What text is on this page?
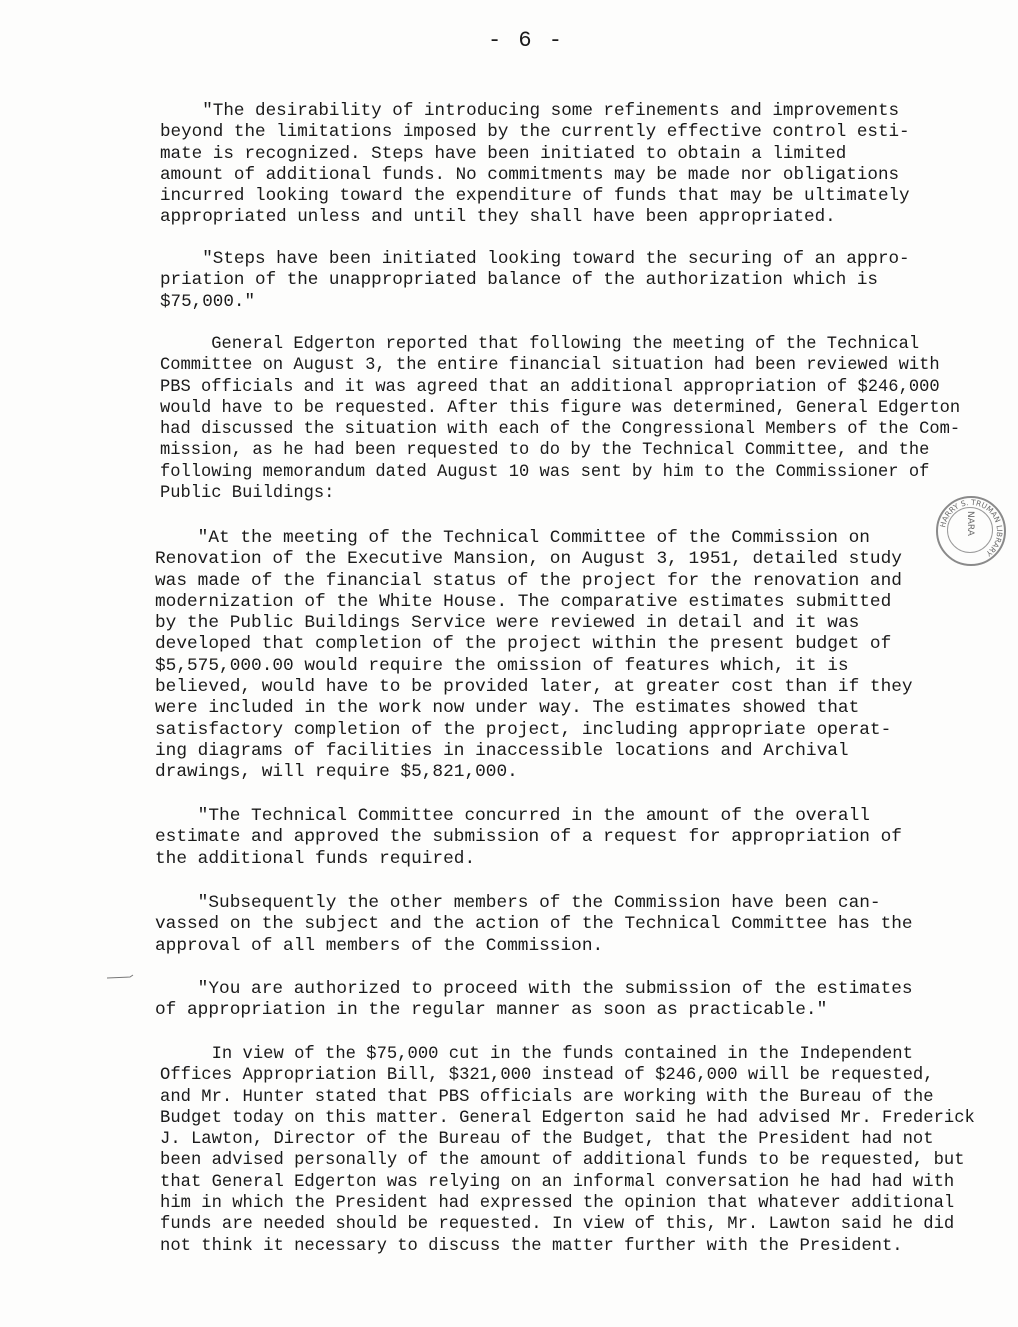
- 6 -

"The desirability of introducing some refinements and improvements
beyond the limitations imposed by the currently effective control esti-
mate is recognized. Steps have been initiated to obtain a limited
amount of additional funds. No commitments may be made nor obligations
incurred looking toward the expenditure of funds that may be ultimately
appropriated unless and until they shall have been appropriated.

"Steps have been initiated looking toward the securing of an appro-
priation of the unappropriated balance of the authorization which is
$75,000."

General Edgerton reported that following the meeting of the Technical
Committee on August 3, the entire financial situation had been reviewed with
PBS officials and it was agreed that an additional appropriation of $246,000
would have to be requested. After this figure was determined, General Edgerton
had discussed the situation with each of the Congressional Members of the Com-
mission, as he had been requested to do by the Technical Committee, and the
following memorandum dated August 10 was sent by him to the Commissioner of
Public Buildings:

"At the meeting of the Technical Committee of the Commission on
Renovation of the Executive Mansion, on August 3, 1951, detailed study
was made of the financial status of the project for the renovation and
modernization of the White House. The comparative estimates submitted
by the Public Buildings Service were reviewed in detail and it was
developed that completion of the project within the present budget of
$5,575,000.00 would require the omission of features which, it is
believed, would have to be provided later, at greater cost than if they
were included in the work now under way. The estimates showed that
satisfactory completion of the project, including appropriate operat-
ing diagrams of facilities in inaccessible locations and Archival
drawings, will require $5,821,000.

"The Technical Committee concurred in the amount of the overall
estimate and approved the submission of a request for appropriation of
the additional funds required.

"Subsequently the other members of the Commission have been can-
vassed on the subject and the action of the Technical Committee has the
approval of all members of the Commission.

"You are authorized to proceed with the submission of the estimates
of appropriation in the regular manner as soon as practicable."

In view of the $75,000 cut in the funds contained in the Independent
Offices Appropriation Bill, $321,000 instead of $246,000 will be requested,
and Mr. Hunter stated that PBS officials are working with the Bureau of the
Budget today on this matter. General Edgerton said he had advised Mr. Frederick
J. Lawton, Director of the Bureau of the Budget, that the President had not
been advised personally of the amount of additional funds to be requested, but
that General Edgerton was relying on an informal conversation he had had with
him in which the President had expressed the opinion that whatever additional
funds are needed should be requested. In view of this, Mr. Lawton said he did
not think it necessary to discuss the matter further with the President.

HARRY S. TRUMAN LIBRARY
NARA
